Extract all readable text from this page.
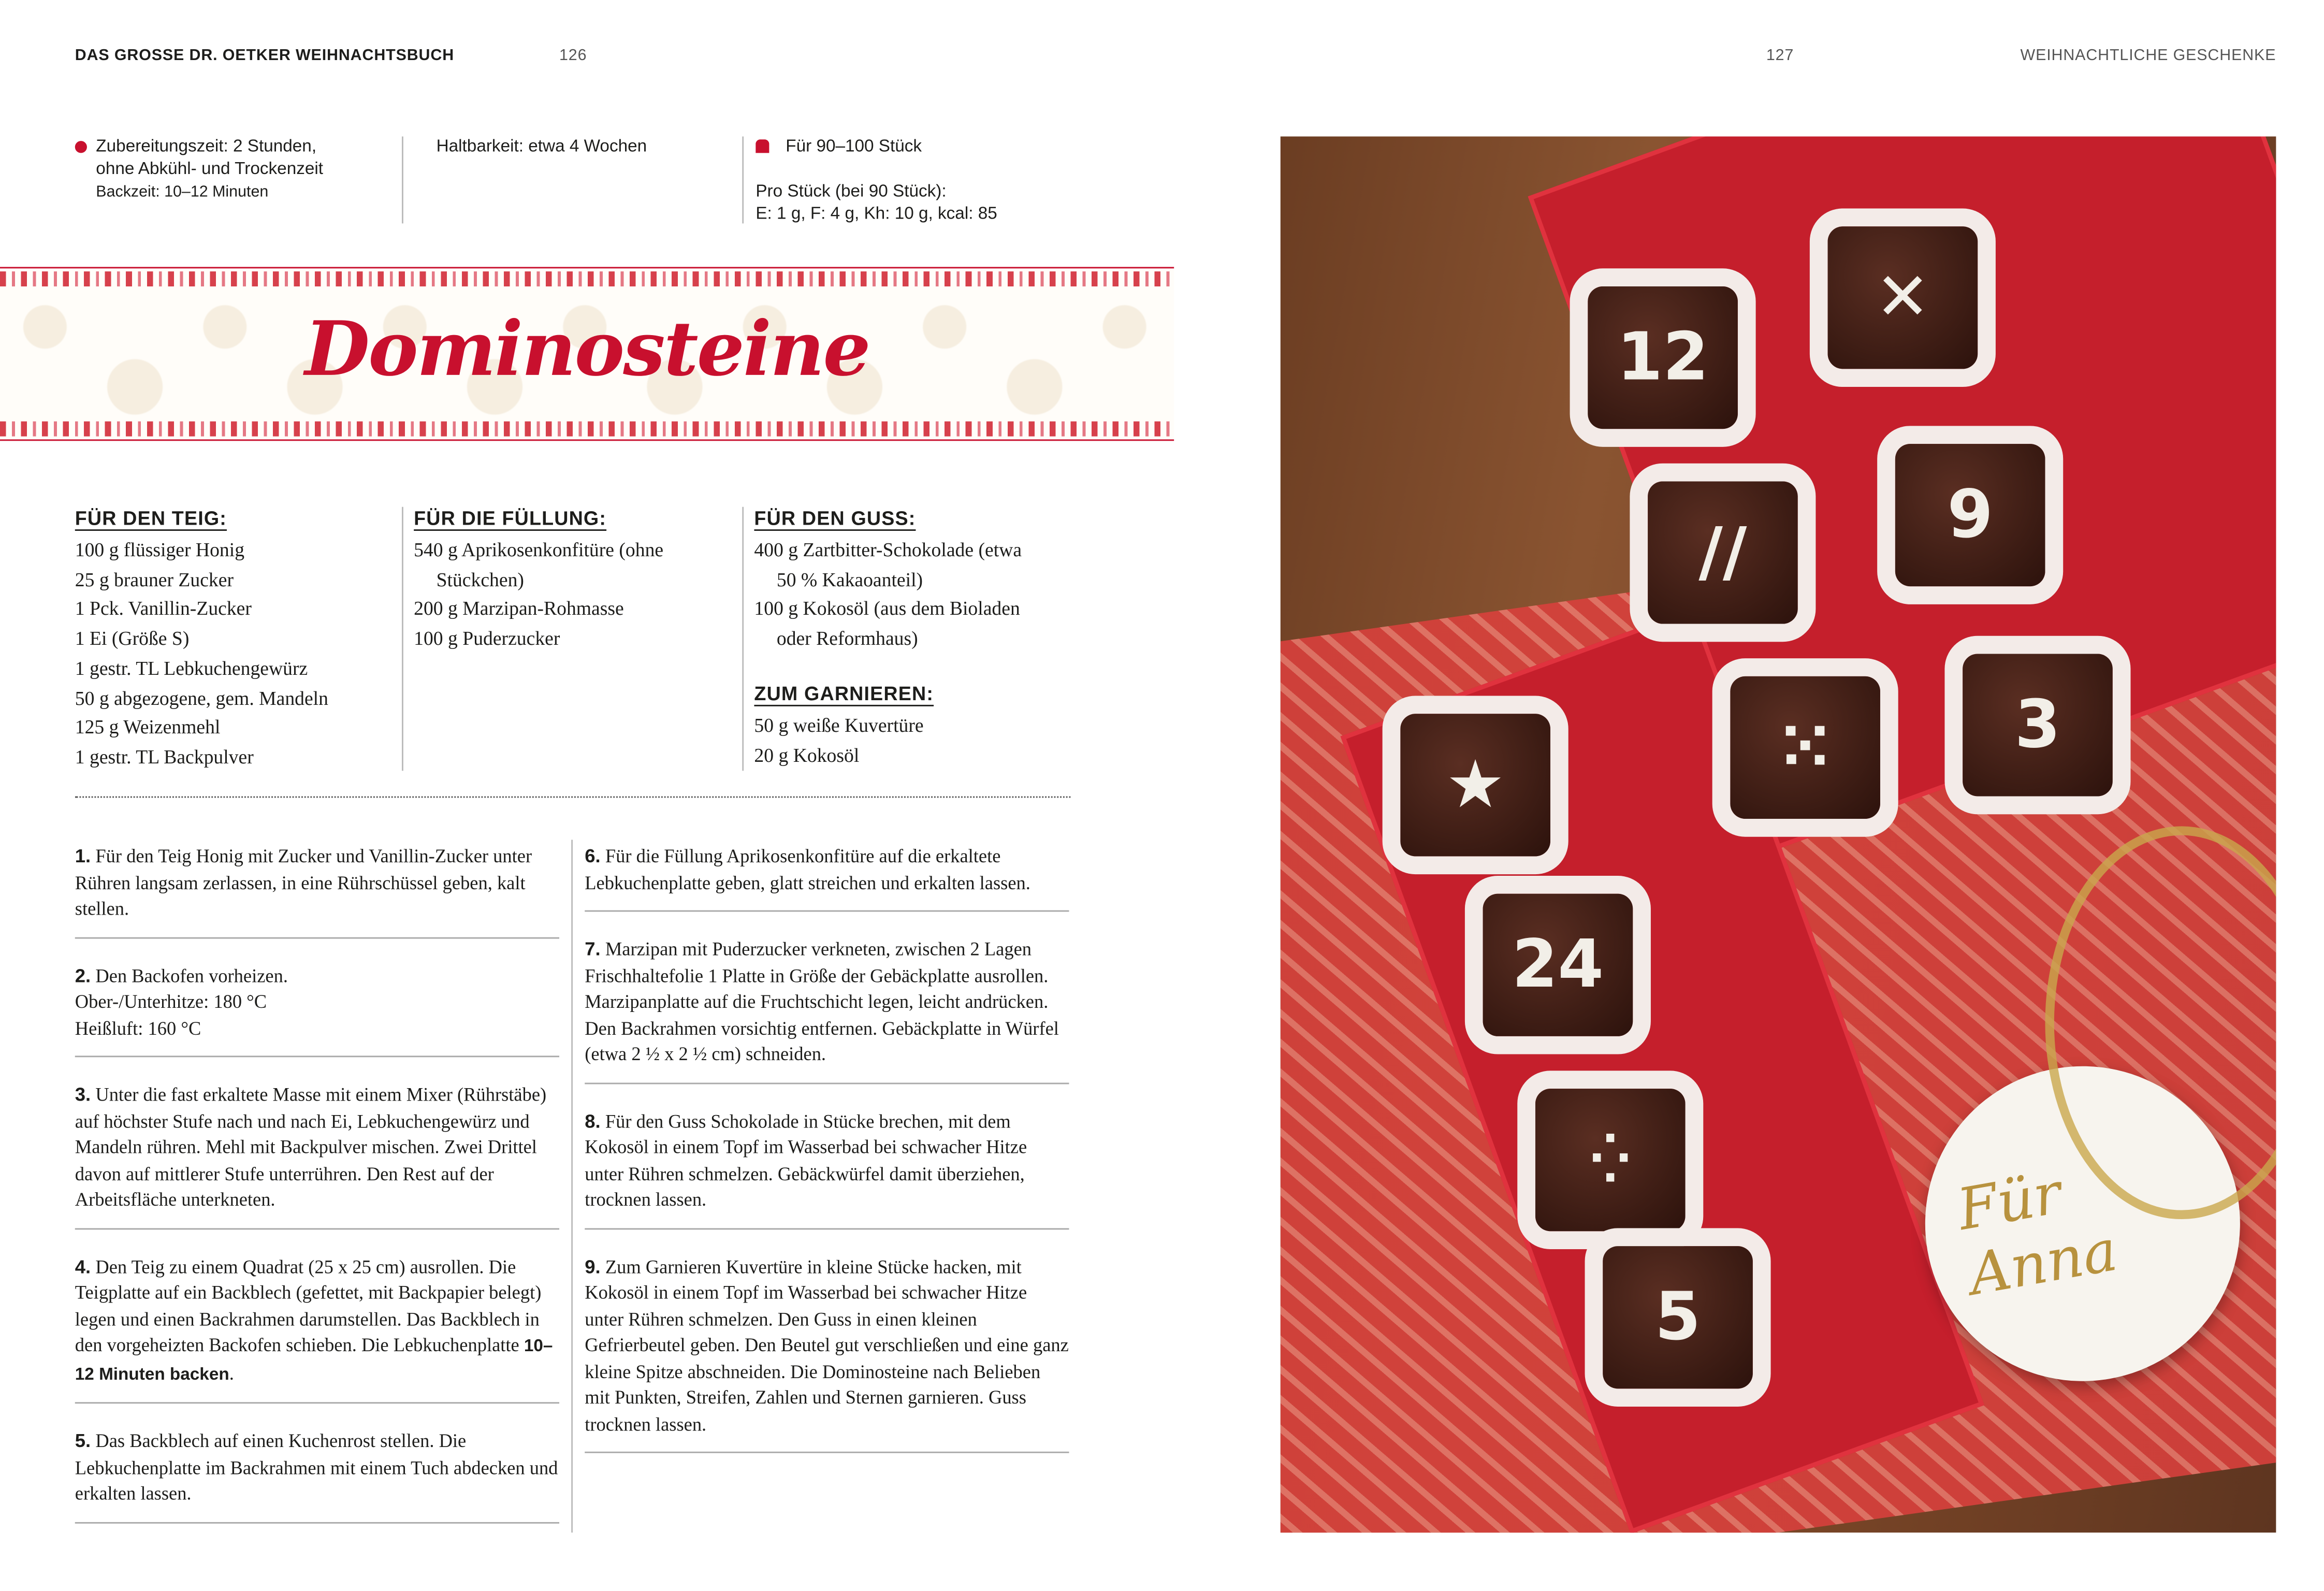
DAS GROSSE DR. OETKER WEIHNACHTSBUCH	126	127	WEIHNACHTLICHE GESCHENKE
Zubereitungszeit: 2 Stunden,
ohne Abkühl- und Trockenzeit
Backzeit: 10–12 Minuten
Haltbarkeit: etwa 4 Wochen	Für 90–100 Stück
Pro Stück (bei 90 Stück):
E: 1 g, F: 4 g, Kh: 10 g, kcal: 85
Dominosteine
FÜR DEN TEIG:
100 g flüssiger Honig
25 g brauner Zucker
1 Pck. Vanillin-Zucker
1 Ei (Größe S)
1 gestr. TL Lebkuchengewürz
50 g abgezogene, gem. Mandeln
125 g Weizenmehl
1 gestr. TL Backpulver
FÜR DIE FÜLLUNG:
540 g Aprikosenkonfitüre (ohne
Stückchen)
200 g Marzipan-Rohmasse
100 g Puderzucker
FÜR DEN GUSS:
400 g Zartbitter-Schokolade (etwa
50 % Kakaoanteil)
100 g Kokosöl (aus dem Bioladen
oder Reformhaus)
ZUM GARNIEREN:
50 g weiße Kuvertüre
20 g Kokosöl
1. Für den Teig Honig mit Zucker und Vanillin-Zucker unter Rühren langsam zerlassen, in eine Rührschüssel geben, kalt stellen.
2. Den Backofen vorheizen.
Ober-/Unterhitze: 180 °C
Heißluft: 160 °C
3. Unter die fast erkaltete Masse mit einem Mixer (Rührstäbe) auf höchster Stufe nach und nach Ei, Lebkuchengewürz und Mandeln rühren. Mehl mit Backpulver mischen. Zwei Drittel davon auf mittlerer Stufe unterrühren. Den Rest auf der Arbeitsfläche unterkneten.
4. Den Teig zu einem Quadrat (25 x 25 cm) ausrollen. Die Teigplatte auf ein Backblech (gefettet, mit Backpapier belegt) legen und einen Backrahmen darumstellen. Das Backblech in den vorgeheizten Backofen schieben. Die Lebkuchenplatte 10–12 Minuten backen.
5. Das Backblech auf einen Kuchenrost stellen. Die Lebkuchenplatte im Backrahmen mit einem Tuch abdecken und erkalten lassen.
6. Für die Füllung Aprikosenkonfitüre auf die erkaltete Lebkuchenplatte geben, glatt streichen und erkalten lassen.
7. Marzipan mit Puderzucker verkneten, zwischen 2 Lagen Frischhaltefolie 1 Platte in Größe der Gebäckplatte ausrollen. Marzipanplatte auf die Fruchtschicht legen, leicht andrücken. Den Backrahmen vorsichtig entfernen. Gebäckplatte in Würfel (etwa 2 ½ x 2 ½ cm) schneiden.
8. Für den Guss Schokolade in Stücke brechen, mit dem Kokosöl in einem Topf im Wasserbad bei schwacher Hitze unter Rühren schmelzen. Gebäckwürfel damit überziehen, trocknen lassen.
9. Zum Garnieren Kuvertüre in kleine Stücke hacken, mit Kokosöl in einem Topf im Wasserbad bei schwacher Hitze unter Rühren schmelzen. Den Guss in einen kleinen Gefrierbeutel geben. Den Beutel gut verschließen und eine ganz kleine Spitze abschneiden. Die Dominosteine nach Belieben mit Punkten, Streifen, Zahlen und Sternen garnieren. Guss trocknen lassen.
12
✕
//	9
⁙	3
★
24
⁛
5
Für Anna
